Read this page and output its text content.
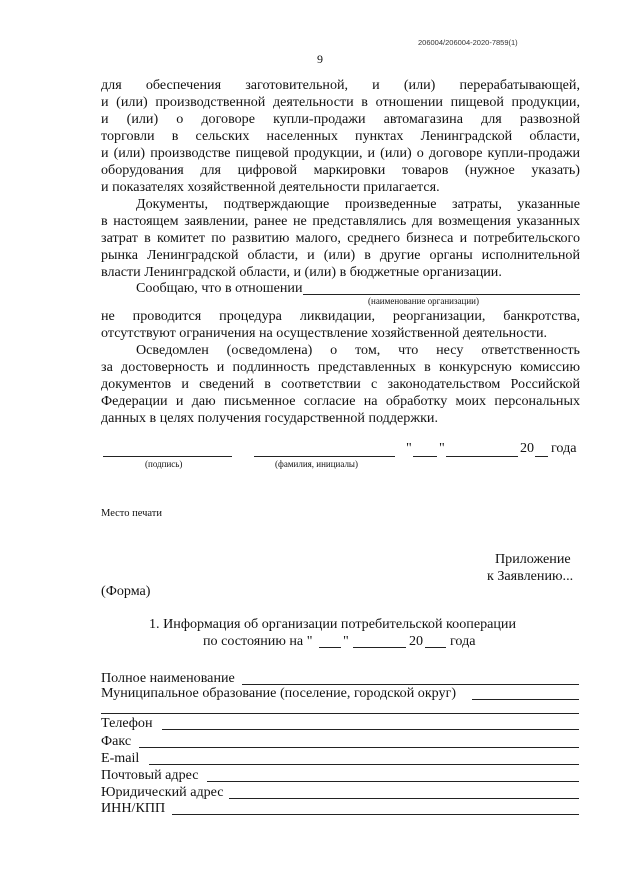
206004/206004-2020-7859(1)
9
для обеспечения заготовительной, и (или) перерабатывающей,
и (или) производственной деятельности в отношении пищевой продукции,
и (или) о договоре купли-продажи автомагазина для развозной
торговли в сельских населенных пунктах Ленинградской области,
и (или) производстве пищевой продукции, и (или) о договоре купли-продажи
оборудования для цифровой маркировки товаров (нужное указать)
и показателях хозяйственной деятельности прилагается.
Документы, подтверждающие произведенные затраты, указанные
в настоящем заявлении, ранее не представлялись для возмещения указанных
затрат в комитет по развитию малого, среднего бизнеса и потребительского
рынка Ленинградской области, и (или) в другие органы исполнительной
власти Ленинградской области, и (или) в бюджетные организации.
Сообщаю, что в отношении
(наименование организации)
не проводится процедура ликвидации, реорганизации, банкротства,
отсутствуют ограничения на осуществление хозяйственной деятельности.
Осведомлен (осведомлена) о том, что несу ответственность
за достоверность и подлинность представленных в конкурсную комиссию
документов и сведений в соответствии с законодательством Российской
Федерации и даю письменное согласие на обработку моих персональных
данных в целях получения государственной поддержки.
" "	20 года
(подпись)	(фамилия, инициалы)
Место печати
Приложение
к Заявлению...
(Форма)
1. Информация об организации потребительской кооперации
по состоянию на " "	20 года
Полное наименование
Муниципальное образование (поселение, городской округ)
Телефон
Факс
E-mail
Почтовый адрес
Юридический адрес
ИНН/КПП
